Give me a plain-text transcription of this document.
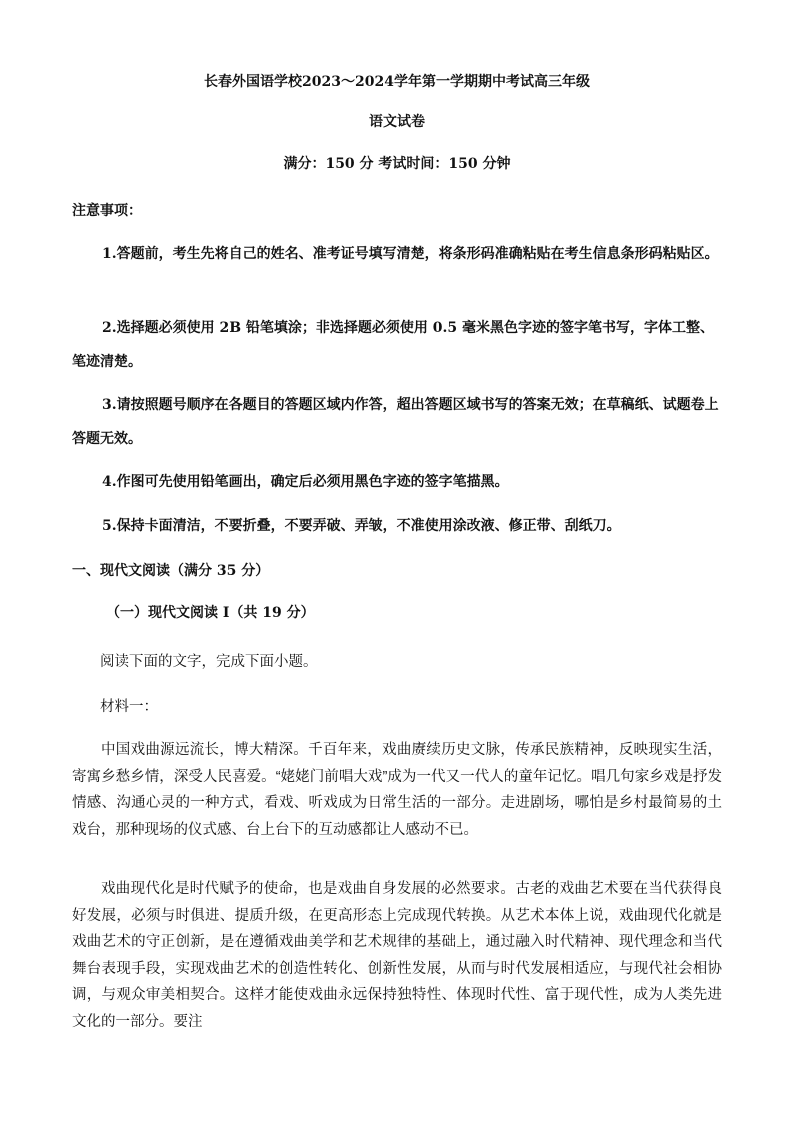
长春外国语学校2023～2024学年第一学期期中考试高三年级
语文试卷
满分：150 分 考试时间：150 分钟
注意事项：

1.答题前，考生先将自己的姓名、准考证号填写清楚，将条形码准确粘贴在考生信息条形码粘贴区。

2.选择题必须使用 2B 铅笔填涂；非选择题必须使用 0.5 毫米黑色字迹的签字笔书写，字体工整、笔迹清楚。

3.请按照题号顺序在各题目的答题区域内作答，超出答题区域书写的答案无效；在草稿纸、试题卷上答题无效。

4.作图可先使用铅笔画出，确定后必须用黑色字迹的签字笔描黑。

5.保持卡面清洁，不要折叠，不要弄破、弄皱，不准使用涂改液、修正带、刮纸刀。

一、现代文阅读（满分 35 分）
（一）现代文阅读 I（共 19 分）
阅读下面的文字，完成下面小题。
材料一：

中国戏曲源远流长，博大精深。千百年来，戏曲赓续历史文脉，传承民族精神，反映现实生活，寄寓乡愁乡情，深受人民喜爱。“姥姥门前唱大戏”成为一代又一代人的童年记忆。唱几句家乡戏是抒发情感、沟通心灵的一种方式，看戏、听戏成为日常生活的一部分。走进剧场，哪怕是乡村最简易的土戏台，那种现场的仪式感、台上台下的互动感都让人感动不已。

戏曲现代化是时代赋予的使命，也是戏曲自身发展的必然要求。古老的戏曲艺术要在当代获得良好发展，必须与时俱进、提质升级，在更高形态上完成现代转换。从艺术本体上说，戏曲现代化就是戏曲艺术的守正创新，是在遵循戏曲美学和艺术规律的基础上，通过融入时代精神、现代理念和当代舞台表现手段，实现戏曲艺术的创造性转化、创新性发展，从而与时代发展相适应，与现代社会相协调，与观众审美相契合。这样才能使戏曲永远保持独特性、体现时代性、富于现代性，成为人类先进文化的一部分。要注
